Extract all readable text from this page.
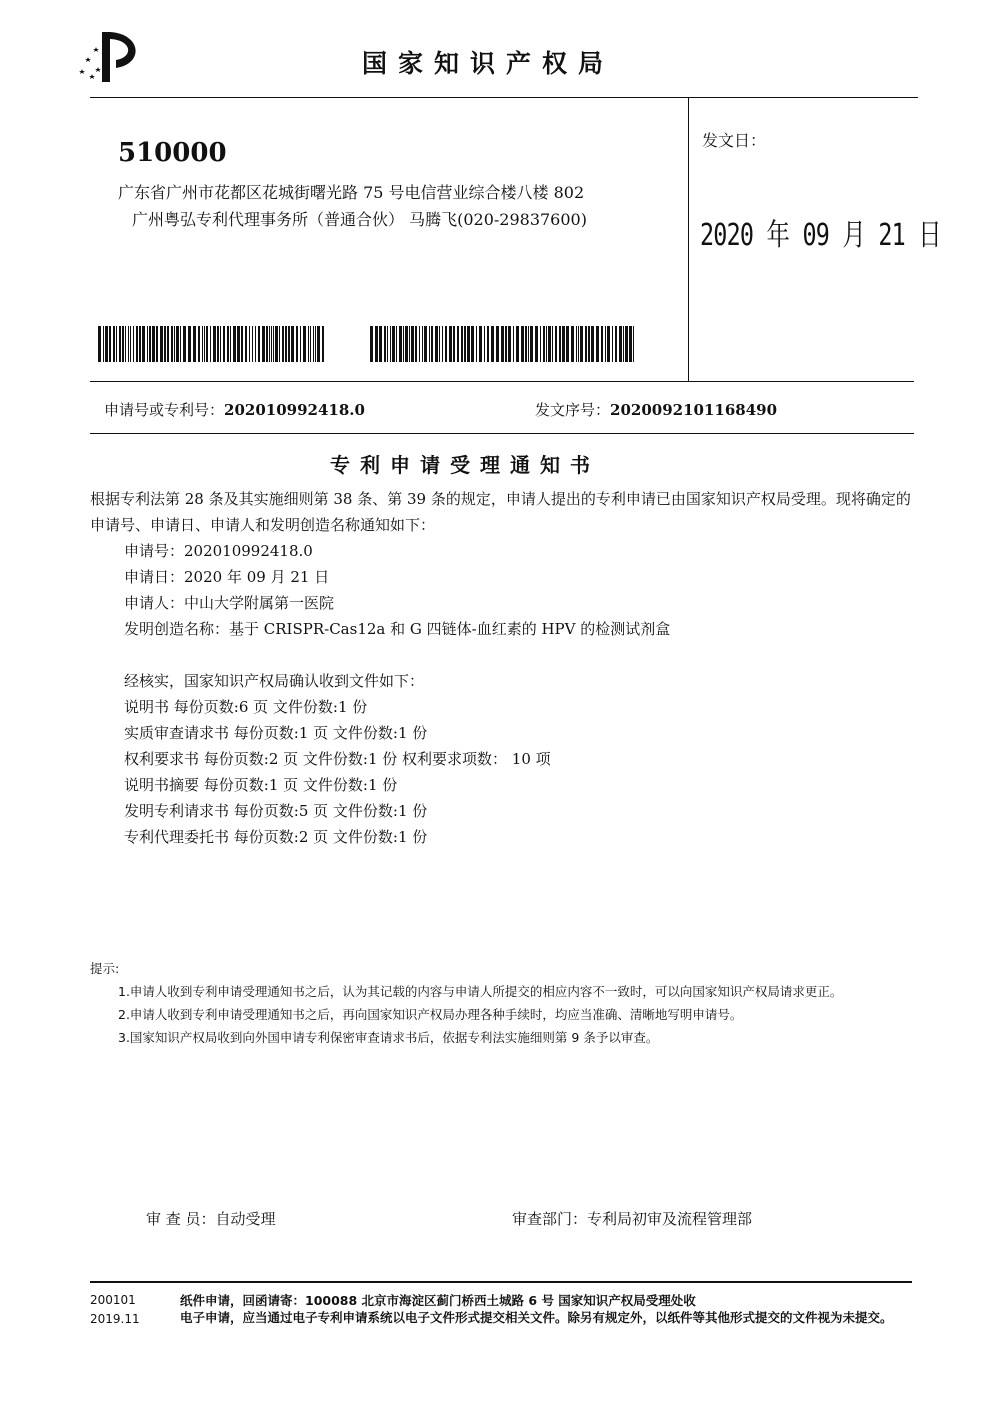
国家知识产权局
510000
广东省广州市花都区花城街曙光路 75 号电信营业综合楼八楼 802
广州粤弘专利代理事务所（普通合伙） 马腾飞(020-29837600)
发文日：
2020 年 09 月 21 日
申请号或专利号：202010992418.0	发文序号：2020092101168490
专利申请受理通知书

根据专利法第 28 条及其实施细则第 38 条、第 39 条的规定，申请人提出的专利申请已由国家知识产权局受理。现将确定的申请号、申请日、申请人和发明创造名称通知如下：

申请号：202010992418.0

申请日：2020 年 09 月 21 日

申请人：中山大学附属第一医院

发明创造名称：基于 CRISPR-Cas12a 和 G 四链体-血红素的 HPV 的检测试剂盒

经核实，国家知识产权局确认收到文件如下：

说明书 每份页数:6 页 文件份数:1 份

实质审查请求书 每份页数:1 页 文件份数:1 份

权利要求书 每份页数:2 页 文件份数:1 份 权利要求项数： 10 项

说明书摘要 每份页数:1 页 文件份数:1 份

发明专利请求书 每份页数:5 页 文件份数:1 份

专利代理委托书 每份页数:2 页 文件份数:1 份

提示:

1.申请人收到专利申请受理通知书之后，认为其记载的内容与申请人所提交的相应内容不一致时，可以向国家知识产权局请求更正。

2.申请人收到专利申请受理通知书之后，再向国家知识产权局办理各种手续时，均应当准确、清晰地写明申请号。

3.国家知识产权局收到向外国申请专利保密审查请求书后，依据专利法实施细则第 9 条予以审查。

审 查 员：自动受理	审查部门：专利局初审及流程管理部
200101
2019.11

纸件申请，回函请寄：100088 北京市海淀区蓟门桥西土城路 6 号 国家知识产权局受理处收

电子申请，应当通过电子专利申请系统以电子文件形式提交相关文件。除另有规定外，以纸件等其他形式提交的文件视为未提交。
